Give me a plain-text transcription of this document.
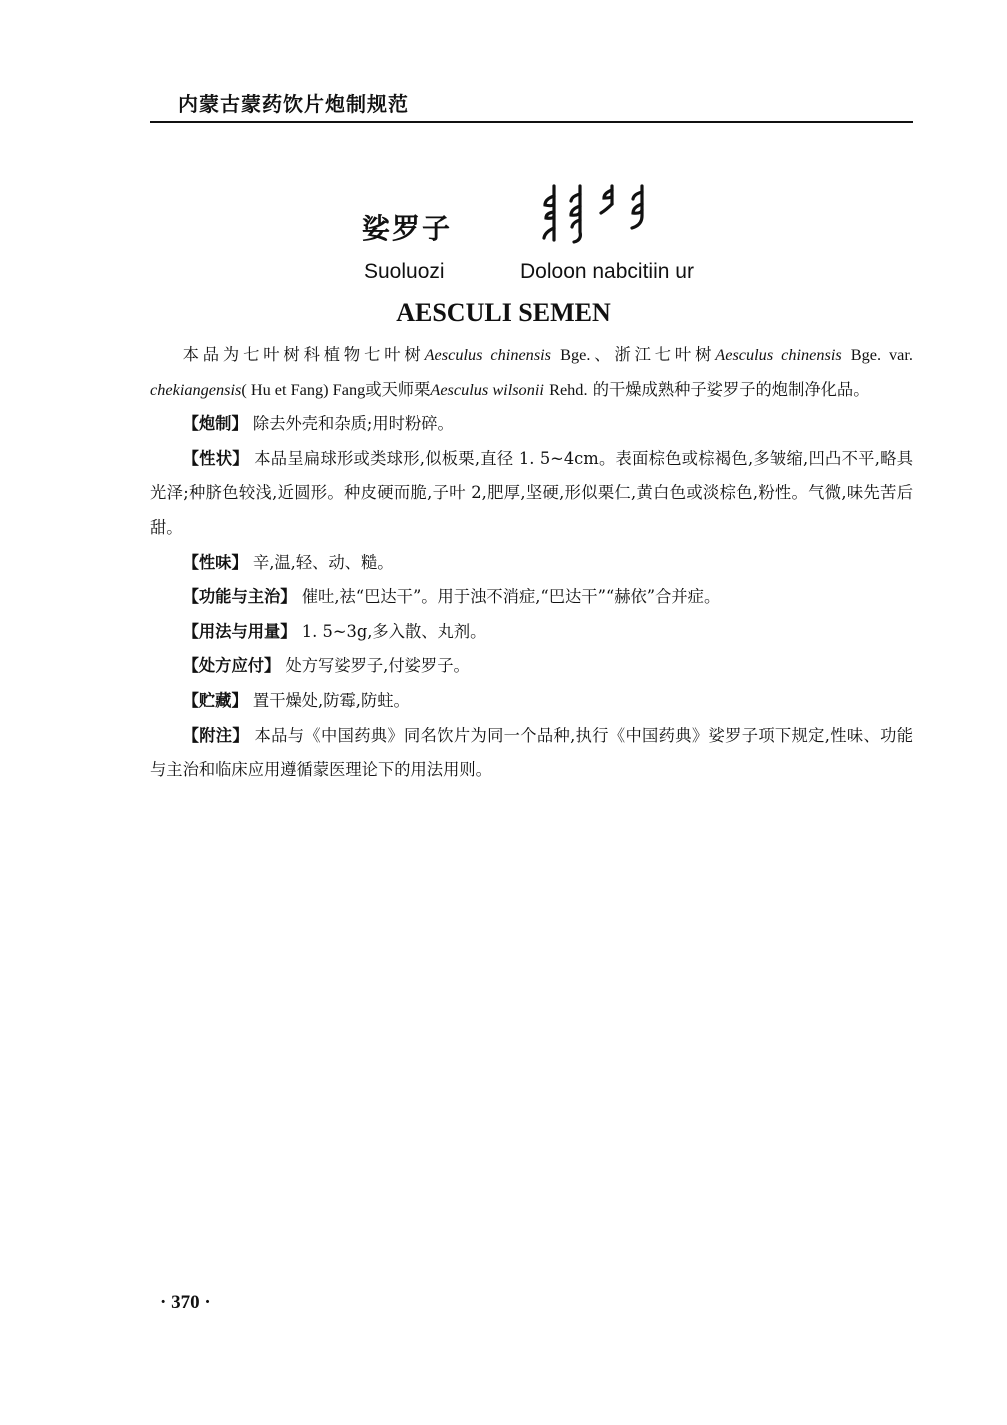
内蒙古蒙药饮片炮制规范
娑罗子
Suoluozi	Doloon nabcitiin ur
AESCULI SEMEN

本品为七叶树科植物七叶树Aesculus chinensis Bge.、浙江七叶树Aesculus chinensis Bge. var. chekiangensis( Hu et Fang) Fang或天师栗Aesculus wilsonii Rehd. 的干燥成熟种子娑罗子的炮制净化品。

【炮制】 除去外壳和杂质;用时粉碎。

【性状】 本品呈扁球形或类球形,似板栗,直径 1. 5~4cm。表面棕色或棕褐色,多皱缩,凹凸不平,略具光泽;种脐色较浅,近圆形。种皮硬而脆,子叶 2,肥厚,坚硬,形似栗仁,黄白色或淡棕色,粉性。气微,味先苦后甜。

【性味】 辛,温,轻、动、糙。

【功能与主治】 催吐,祛“巴达干”。用于浊不消症,“巴达干”“赫依”合并症。

【用法与用量】 1. 5~3g,多入散、丸剂。

【处方应付】 处方写娑罗子,付娑罗子。

【贮藏】 置干燥处,防霉,防蛀。

【附注】 本品与《中国药典》同名饮片为同一个品种,执行《中国药典》娑罗子项下规定,性味、功能与主治和临床应用遵循蒙医理论下的用法用则。

· 370 ·
